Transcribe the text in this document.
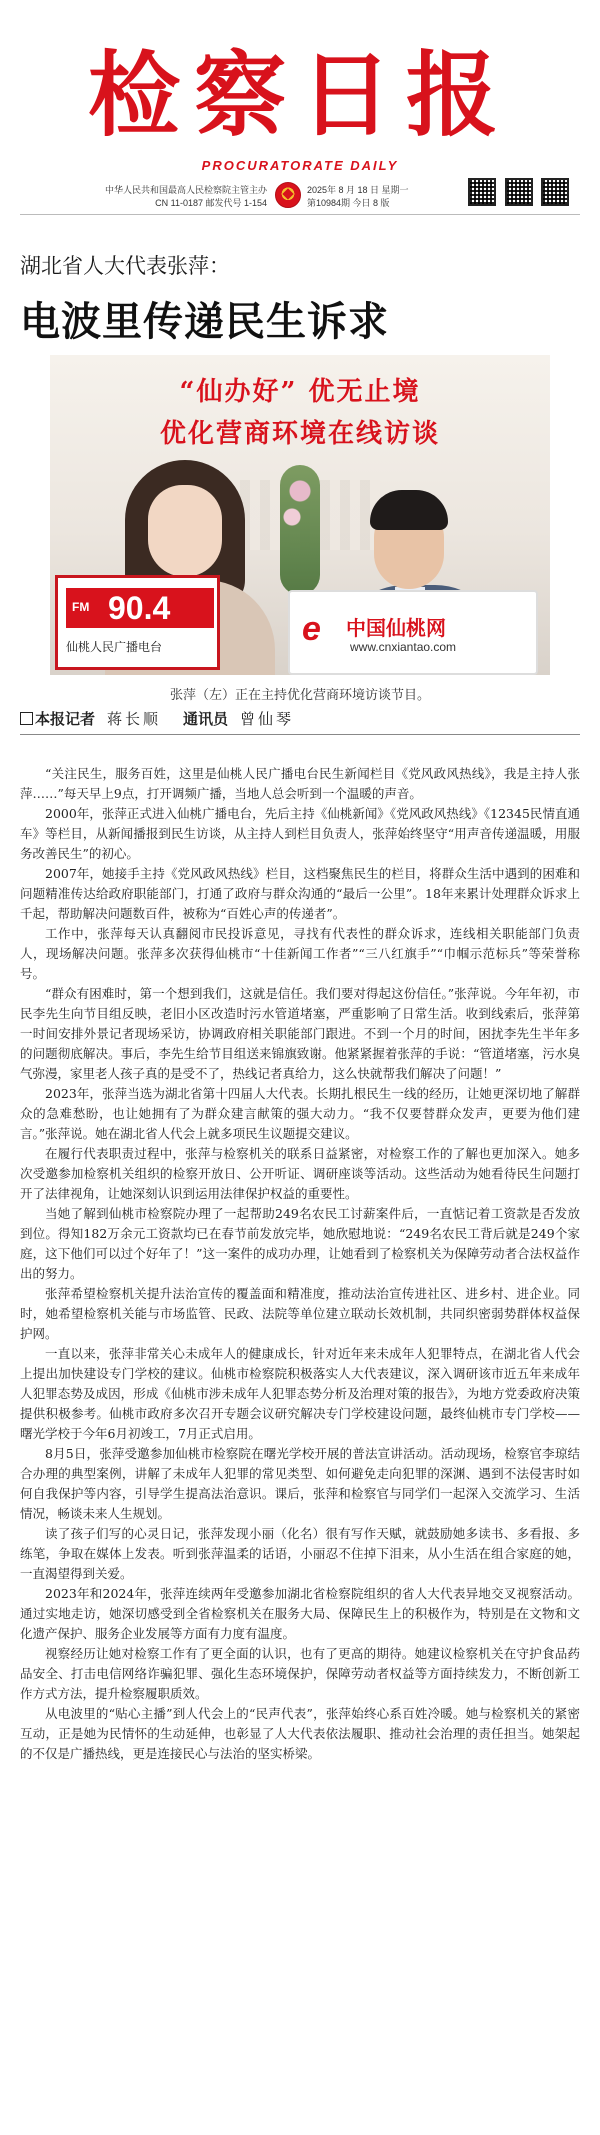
检察日报
PROCURATORATE DAILY
中华人民共和国最高人民检察院主管主办
CN 11-0187 邮发代号 1-154
2025年 8 月 18 日 星期一
第10984期 今日 8 版
湖北省人大代表张萍：
电波里传递民生诉求
“仙办好” 优无止境
优化营商环境在线访谈
FM 90.4
仙桃人民广播电台	e 中国仙桃网
www.cnxiantao.com
张萍（左）正在主持优化营商环境访谈节目。
本报记者 蒋长顺 通讯员 曾仙琴

“关注民生，服务百姓，这里是仙桃人民广播电台民生新闻栏目《党风政风热线》，我是主持人张萍……”每天早上9点，打开调频广播，当地人总会听到一个温暖的声音。

2000年，张萍正式进入仙桃广播电台，先后主持《仙桃新闻》《党风政风热线》《12345民情直通车》等栏目，从新闻播报到民生访谈，从主持人到栏目负责人，张萍始终坚守“用声音传递温暖，用服务改善民生”的初心。

2007年，她接手主持《党风政风热线》栏目，这档聚焦民生的栏目，将群众生活中遇到的困难和问题精准传达给政府职能部门，打通了政府与群众沟通的“最后一公里”。18年来累计处理群众诉求上千起，帮助解决问题数百件，被称为“百姓心声的传递者”。

工作中，张萍每天认真翻阅市民投诉意见，寻找有代表性的群众诉求，连线相关职能部门负责人，现场解决问题。张萍多次获得仙桃市“十佳新闻工作者”“三八红旗手”“巾帼示范标兵”等荣誉称号。

“群众有困难时，第一个想到我们，这就是信任。我们要对得起这份信任。”张萍说。今年年初，市民李先生向节目组反映，老旧小区改造时污水管道堵塞，严重影响了日常生活。收到线索后，张萍第一时间安排外景记者现场采访，协调政府相关职能部门跟进。不到一个月的时间，困扰李先生半年多的问题彻底解决。事后，李先生给节目组送来锦旗致谢。他紧紧握着张萍的手说：“管道堵塞，污水臭气弥漫，家里老人孩子真的是受不了，热线记者真给力，这么快就帮我们解决了问题！”

2023年，张萍当选为湖北省第十四届人大代表。长期扎根民生一线的经历，让她更深切地了解群众的急难愁盼，也让她拥有了为群众建言献策的强大动力。“我不仅要替群众发声，更要为他们建言。”张萍说。她在湖北省人代会上就多项民生议题提交建议。

在履行代表职责过程中，张萍与检察机关的联系日益紧密，对检察工作的了解也更加深入。她多次受邀参加检察机关组织的检察开放日、公开听证、调研座谈等活动。这些活动为她看待民生问题打开了法律视角，让她深刻认识到运用法律保护权益的重要性。

当她了解到仙桃市检察院办理了一起帮助249名农民工讨薪案件后，一直惦记着工资款是否发放到位。得知182万余元工资款均已在春节前发放完毕，她欣慰地说：“249名农民工背后就是249个家庭，这下他们可以过个好年了！”这一案件的成功办理，让她看到了检察机关为保障劳动者合法权益作出的努力。

张萍希望检察机关提升法治宣传的覆盖面和精准度，推动法治宣传进社区、进乡村、进企业。同时，她希望检察机关能与市场监管、民政、法院等单位建立联动长效机制，共同织密弱势群体权益保护网。

一直以来，张萍非常关心未成年人的健康成长，针对近年来未成年人犯罪特点，在湖北省人代会上提出加快建设专门学校的建议。仙桃市检察院积极落实人大代表建议，深入调研该市近五年来成年人犯罪态势及成因，形成《仙桃市涉未成年人犯罪态势分析及治理对策的报告》，为地方党委政府决策提供积极参考。仙桃市政府多次召开专题会议研究解决专门学校建设问题，最终仙桃市专门学校——曙光学校于今年6月初竣工，7月正式启用。

8月5日，张萍受邀参加仙桃市检察院在曙光学校开展的普法宣讲活动。活动现场，检察官李琼结合办理的典型案例，讲解了未成年人犯罪的常见类型、如何避免走向犯罪的深渊、遇到不法侵害时如何自我保护等内容，引导学生提高法治意识。课后，张萍和检察官与同学们一起深入交流学习、生活情况，畅谈未来人生规划。

读了孩子们写的心灵日记，张萍发现小丽（化名）很有写作天赋，就鼓励她多读书、多看报、多练笔，争取在媒体上发表。听到张萍温柔的话语，小丽忍不住掉下泪来，从小生活在组合家庭的她，一直渴望得到关爱。

2023年和2024年，张萍连续两年受邀参加湖北省检察院组织的省人大代表异地交叉视察活动。通过实地走访，她深切感受到全省检察机关在服务大局、保障民生上的积极作为，特别是在文物和文化遗产保护、服务企业发展等方面有力度有温度。

视察经历让她对检察工作有了更全面的认识，也有了更高的期待。她建议检察机关在守护食品药品安全、打击电信网络诈骗犯罪、强化生态环境保护，保障劳动者权益等方面持续发力，不断创新工作方式方法，提升检察履职质效。

从电波里的“贴心主播”到人代会上的“民声代表”，张萍始终心系百姓冷暖。她与检察机关的紧密互动，正是她为民情怀的生动延伸，也彰显了人大代表依法履职、推动社会治理的责任担当。她架起的不仅是广播热线，更是连接民心与法治的坚实桥梁。
